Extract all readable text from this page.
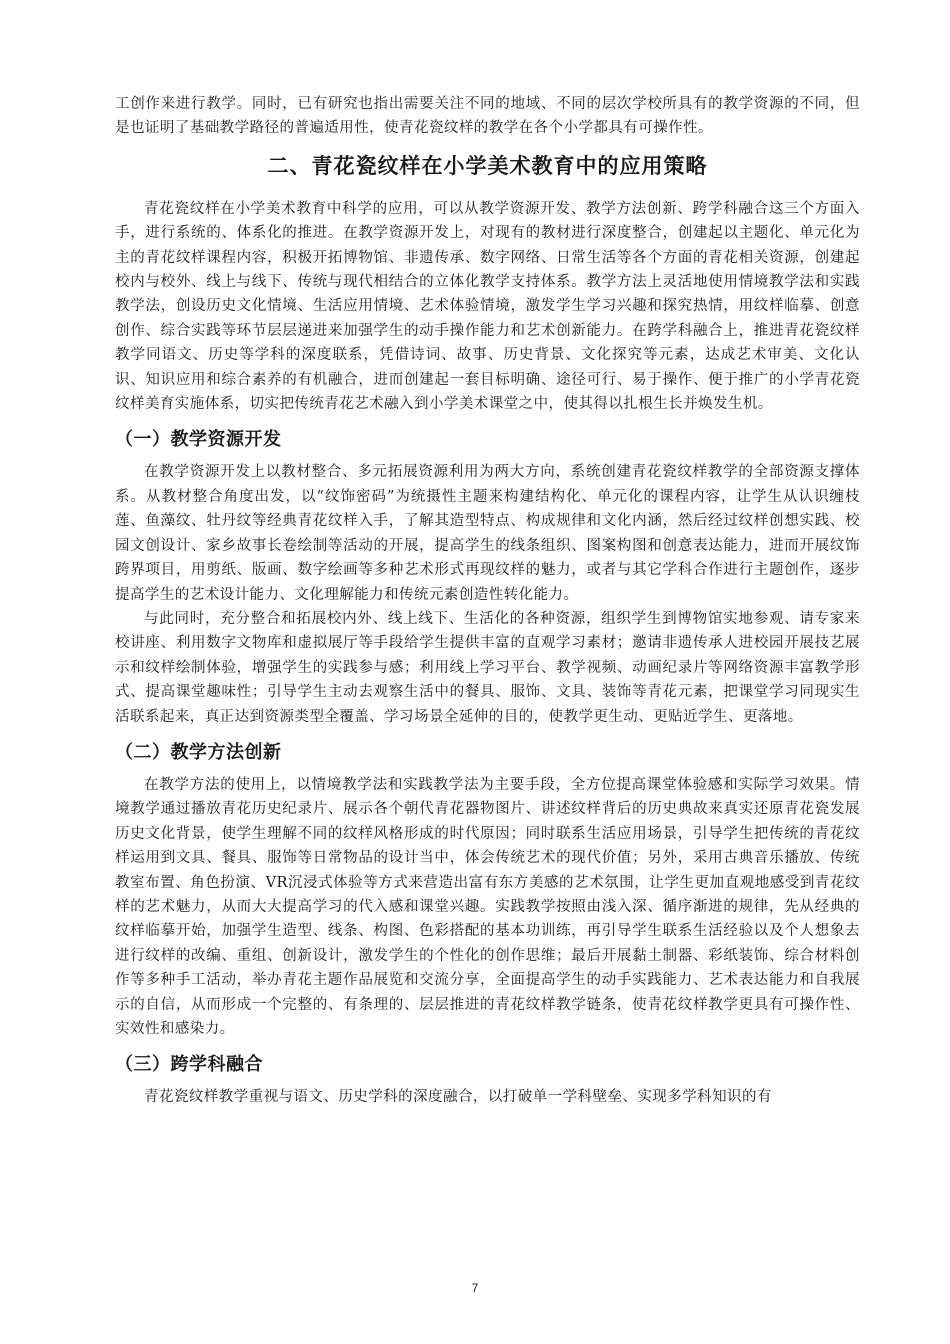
工创作来进行教学。同时，已有研究也指出需要关注不同的地域、不同的层次学校所具有的教学资源的不同，但是也证明了基础教学路径的普遍适用性，使青花瓷纹样的教学在各个小学都具有可操作性。

二、青花瓷纹样在小学美术教育中的应用策略

青花瓷纹样在小学美术教育中科学的应用，可以从教学资源开发、教学方法创新、跨学科融合这三个方面入手，进行系统的、体系化的推进。在教学资源开发上，对现有的教材进行深度整合，创建起以主题化、单元化为主的青花纹样课程内容，积极开拓博物馆、非遗传承、数字网络、日常生活等各个方面的青花相关资源，创建起校内与校外、线上与线下、传统与现代相结合的立体化教学支持体系。教学方法上灵活地使用情境教学法和实践教学法，创设历史文化情境、生活应用情境、艺术体验情境，激发学生学习兴趣和探究热情，用纹样临摹、创意创作、综合实践等环节层层递进来加强学生的动手操作能力和艺术创新能力。在跨学科融合上，推进青花瓷纹样教学同语文、历史等学科的深度联系，凭借诗词、故事、历史背景、文化探究等元素，达成艺术审美、文化认识、知识应用和综合素养的有机融合，进而创建起一套目标明确、途径可行、易于操作、便于推广的小学青花瓷纹样美育实施体系，切实把传统青花艺术融入到小学美术课堂之中，使其得以扎根生长并焕发生机。

（一）教学资源开发

在教学资源开发上以教材整合、多元拓展资源利用为两大方向，系统创建青花瓷纹样教学的全部资源支撑体系。从教材整合角度出发，以“纹饰密码”为统摄性主题来构建结构化、单元化的课程内容，让学生从认识缠枝莲、鱼藻纹、牡丹纹等经典青花纹样入手，了解其造型特点、构成规律和文化内涵，然后经过纹样创想实践、校园文创设计、家乡故事长卷绘制等活动的开展，提高学生的线条组织、图案构图和创意表达能力，进而开展纹饰跨界项目，用剪纸、版画、数字绘画等多种艺术形式再现纹样的魅力，或者与其它学科合作进行主题创作，逐步提高学生的艺术设计能力、文化理解能力和传统元素创造性转化能力。

与此同时，充分整合和拓展校内外、线上线下、生活化的各种资源，组织学生到博物馆实地参观、请专家来校讲座、利用数字文物库和虚拟展厅等手段给学生提供丰富的直观学习素材；邀请非遗传承人进校园开展技艺展示和纹样绘制体验，增强学生的实践参与感；利用线上学习平台、教学视频、动画纪录片等网络资源丰富教学形式、提高课堂趣味性；引导学生主动去观察生活中的餐具、服饰、文具、装饰等青花元素，把课堂学习同现实生活联系起来，真正达到资源类型全覆盖、学习场景全延伸的目的，使教学更生动、更贴近学生、更落地。

（二）教学方法创新

在教学方法的使用上，以情境教学法和实践教学法为主要手段，全方位提高课堂体验感和实际学习效果。情境教学通过播放青花历史纪录片、展示各个朝代青花器物图片、讲述纹样背后的历史典故来真实还原青花瓷发展历史文化背景，使学生理解不同的纹样风格形成的时代原因；同时联系生活应用场景，引导学生把传统的青花纹样运用到文具、餐具、服饰等日常物品的设计当中，体会传统艺术的现代价值；另外，采用古典音乐播放、传统教室布置、角色扮演、VR沉浸式体验等方式来营造出富有东方美感的艺术氛围，让学生更加直观地感受到青花纹样的艺术魅力，从而大大提高学习的代入感和课堂兴趣。实践教学按照由浅入深、循序渐进的规律，先从经典的纹样临摹开始，加强学生造型、线条、构图、色彩搭配的基本功训练，再引导学生联系生活经验以及个人想象去进行纹样的改编、重组、创新设计，激发学生的个性化的创作思维；最后开展黏土制器、彩纸装饰、综合材料创作等多种手工活动，举办青花主题作品展览和交流分享，全面提高学生的动手实践能力、艺术表达能力和自我展示的自信，从而形成一个完整的、有条理的、层层推进的青花纹样教学链条，使青花纹样教学更具有可操作性、实效性和感染力。

（三）跨学科融合

青花瓷纹样教学重视与语文、历史学科的深度融合，以打破单一学科壁垒、实现多学科知识的有

7
